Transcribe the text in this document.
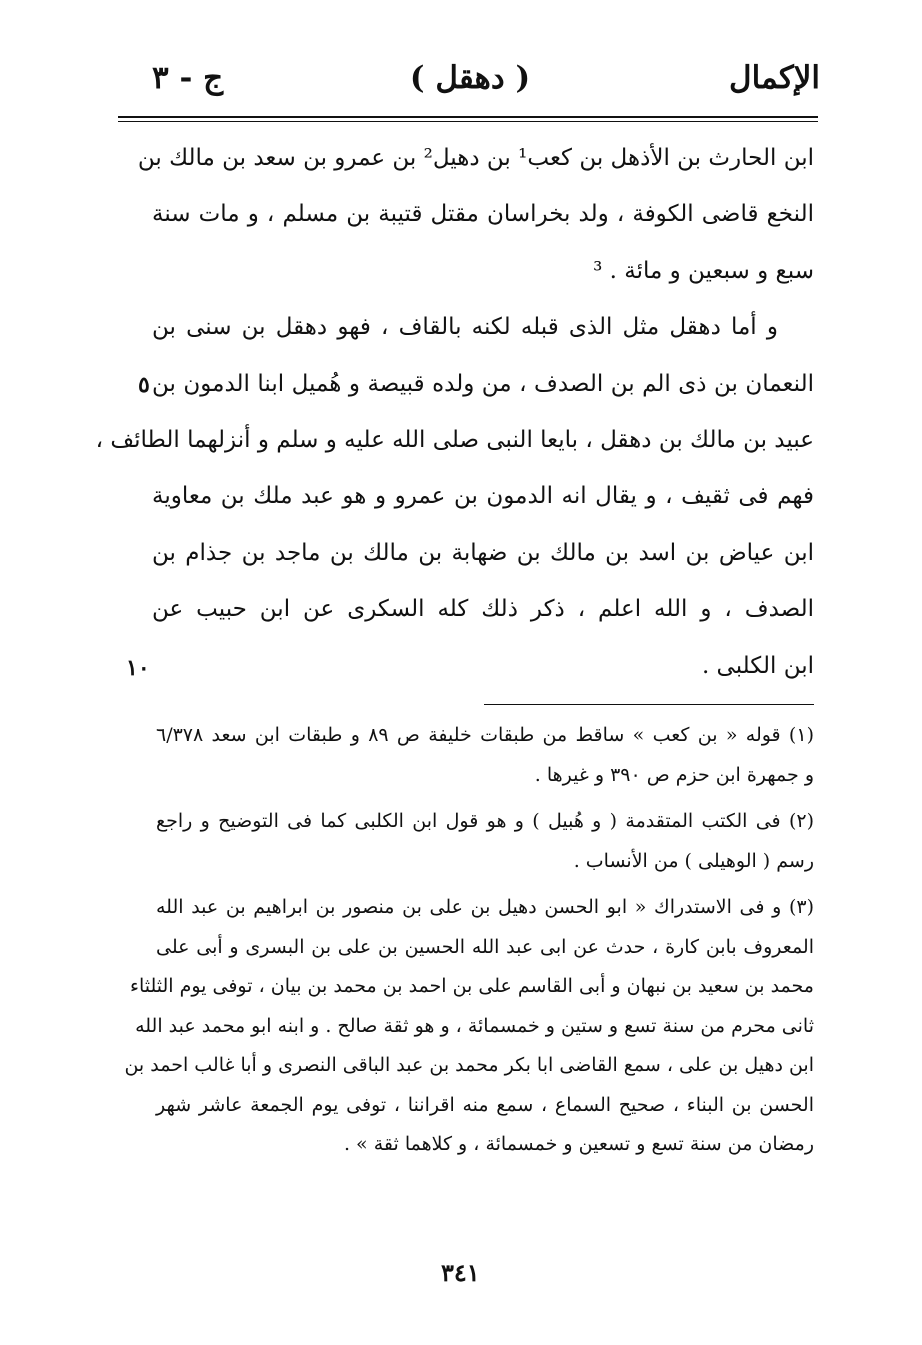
الإكمال
( دهقل )
ج - ٣
ابن الحارث بن الأذهل بن كعب¹ بن دهيل² بن عمرو بن سعد بن مالك بن
النخع قاضى الكوفة ، ولد بخراسان مقتل قتيبة بن مسلم ، و مات سنة
سبع و سبعين و مائة . ³
و أما دهقل مثل الذى قبله لكنه بالقاف ، فهو دهقل بن سنى بن
النعمان بن ذى الم بن الصدف ، من ولده قبيصة و هُميل ابنا الدمون بن
عبيد بن مالك بن دهقل ، بايعا النبى صلى الله عليه و سلم و أنزلهما الطائف ،
فهم فى ثقيف ، و يقال انه الدمون بن عمرو و هو عبد ملك بن معاوية
ابن عياض بن اسد بن مالك بن ضهابة بن مالك بن ماجد بن جذام بن
الصدف ، و الله اعلم ، ذكر ذلك كله السكرى عن ابن حبيب عن
ابن الكلبى .
٥
١٠
(١) قوله « بن كعب » ساقط من طبقات خليفة ص ٨٩ و طبقات ابن سعد ٦/٣٧٨
و جمهرة ابن حزم ص ٣٩٠ و غيرها .
(٢) فى الكتب المتقدمة ( و هُبيل ) و هو قول ابن الكلبى كما فى التوضيح و راجع
رسم ( الوهيلى ) من الأنساب .
(٣) و فى الاستدراك « ابو الحسن دهيل بن على بن منصور بن ابراهيم بن عبد الله
المعروف بابن كارة ، حدث عن ابى عبد الله الحسين بن على بن البسرى و أبى على
محمد بن سعيد بن نبهان و أبى القاسم على بن احمد بن محمد بن بيان ، توفى يوم الثلثاء
ثانى محرم من سنة تسع و ستين و خمسمائة ، و هو ثقة صالح . و ابنه ابو محمد عبد الله
ابن دهيل بن على ، سمع القاضى ابا بكر محمد بن عبد الباقى النصرى و أبا غالب احمد بن
الحسن بن البناء ، صحيح السماع ، سمع منه اقراننا ، توفى يوم الجمعة عاشر شهر
رمضان من سنة تسع و تسعين و خمسمائة ، و كلاهما ثقة » .
٣٤١
